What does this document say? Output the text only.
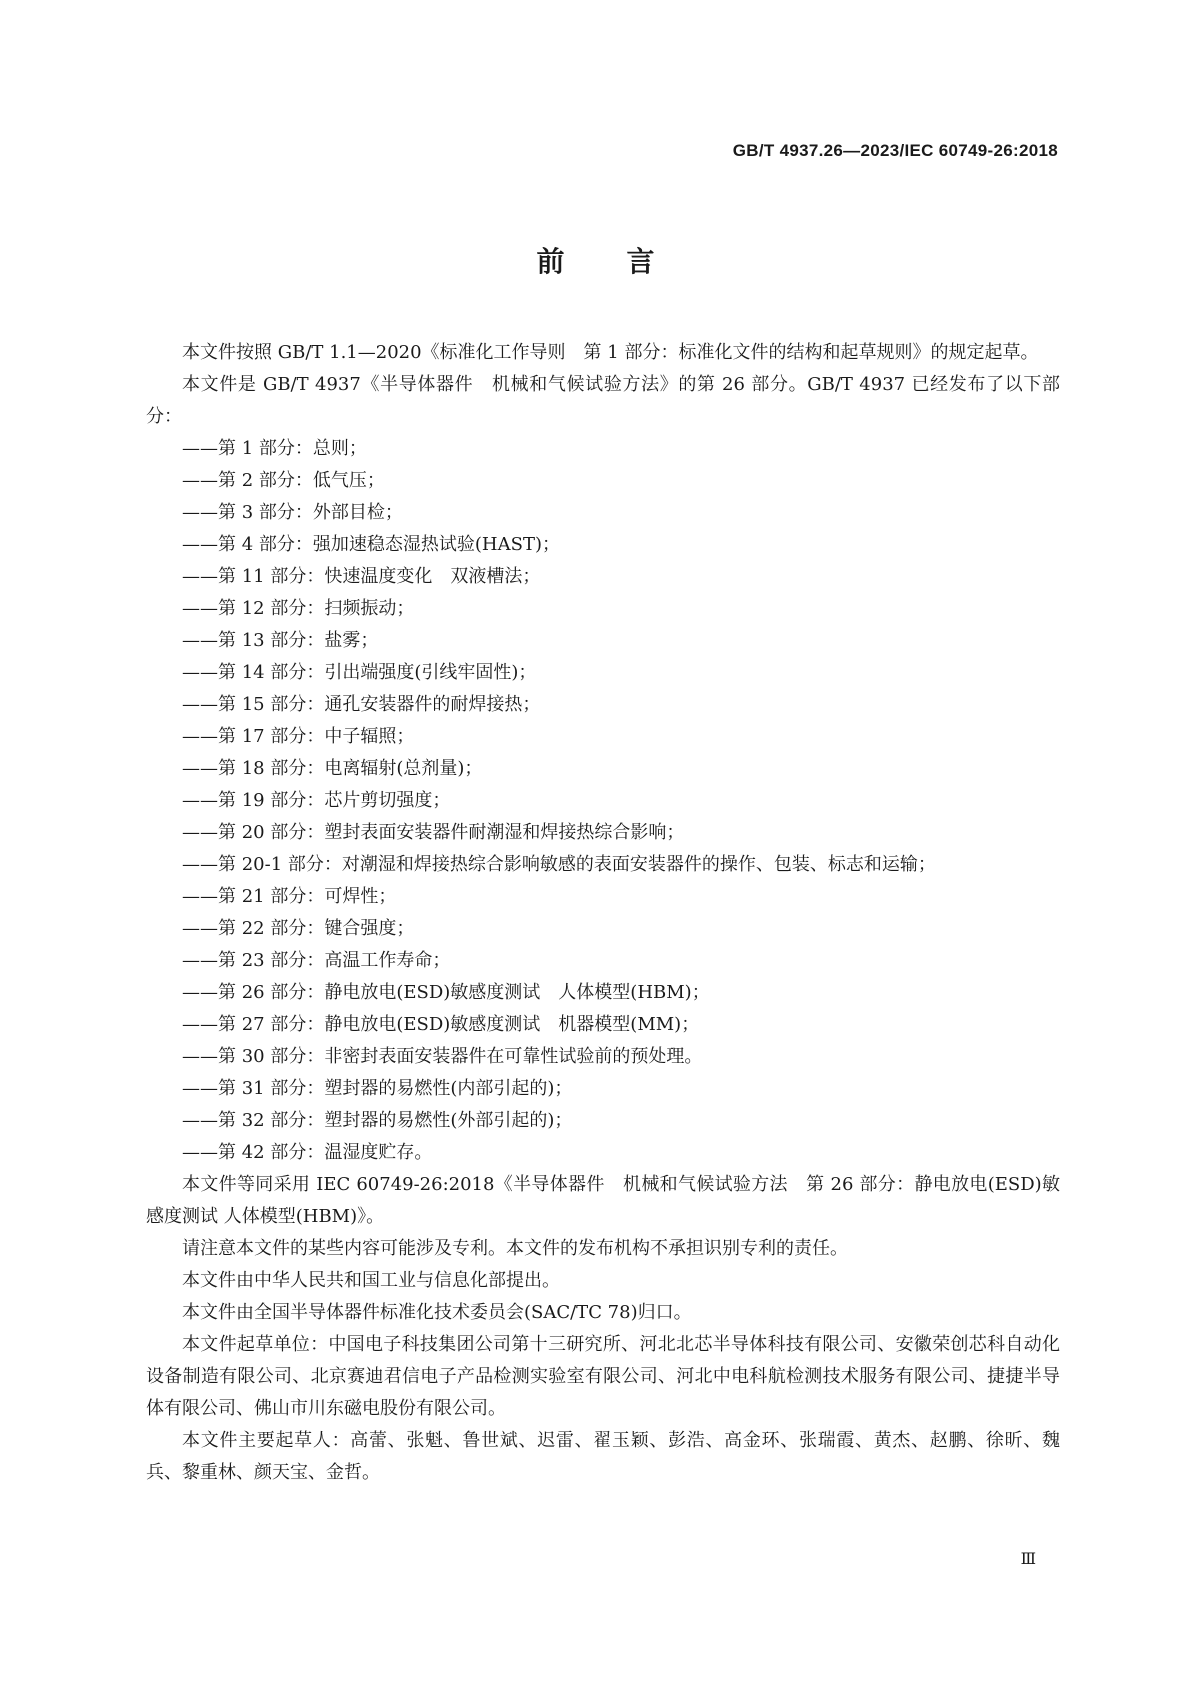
GB/T 4937.26—2023/IEC 60749-26:2018
前言

本文件按照 GB/T 1.1—2020《标准化工作导则　第 1 部分：标准化文件的结构和起草规则》的规定起草。

本文件是 GB/T 4937《半导体器件　机械和气候试验方法》的第 26 部分。GB/T 4937 已经发布了以下部分：

——第 1 部分：总则；

——第 2 部分：低气压；

——第 3 部分：外部目检；

——第 4 部分：强加速稳态湿热试验(HAST)；

——第 11 部分：快速温度变化　双液槽法；

——第 12 部分：扫频振动；

——第 13 部分：盐雾；

——第 14 部分：引出端强度(引线牢固性)；

——第 15 部分：通孔安装器件的耐焊接热；

——第 17 部分：中子辐照；

——第 18 部分：电离辐射(总剂量)；

——第 19 部分：芯片剪切强度；

——第 20 部分：塑封表面安装器件耐潮湿和焊接热综合影响；

——第 20-1 部分：对潮湿和焊接热综合影响敏感的表面安装器件的操作、包装、标志和运输；

——第 21 部分：可焊性；

——第 22 部分：键合强度；

——第 23 部分：高温工作寿命；

——第 26 部分：静电放电(ESD)敏感度测试　人体模型(HBM)；

——第 27 部分：静电放电(ESD)敏感度测试　机器模型(MM)；

——第 30 部分：非密封表面安装器件在可靠性试验前的预处理。

——第 31 部分：塑封器的易燃性(内部引起的)；

——第 32 部分：塑封器的易燃性(外部引起的)；

——第 42 部分：温湿度贮存。

本文件等同采用 IEC 60749-26:2018《半导体器件　机械和气候试验方法　第 26 部分：静电放电(ESD)敏感度测试 人体模型(HBM)》。

请注意本文件的某些内容可能涉及专利。本文件的发布机构不承担识别专利的责任。

本文件由中华人民共和国工业与信息化部提出。

本文件由全国半导体器件标准化技术委员会(SAC/TC 78)归口。

本文件起草单位：中国电子科技集团公司第十三研究所、河北北芯半导体科技有限公司、安徽荣创芯科自动化设备制造有限公司、北京赛迪君信电子产品检测实验室有限公司、河北中电科航检测技术服务有限公司、捷捷半导体有限公司、佛山市川东磁电股份有限公司。

本文件主要起草人：高蕾、张魁、鲁世斌、迟雷、翟玉颖、彭浩、高金环、张瑞霞、黄杰、赵鹏、徐昕、魏兵、黎重林、颜天宝、金哲。

Ⅲ
